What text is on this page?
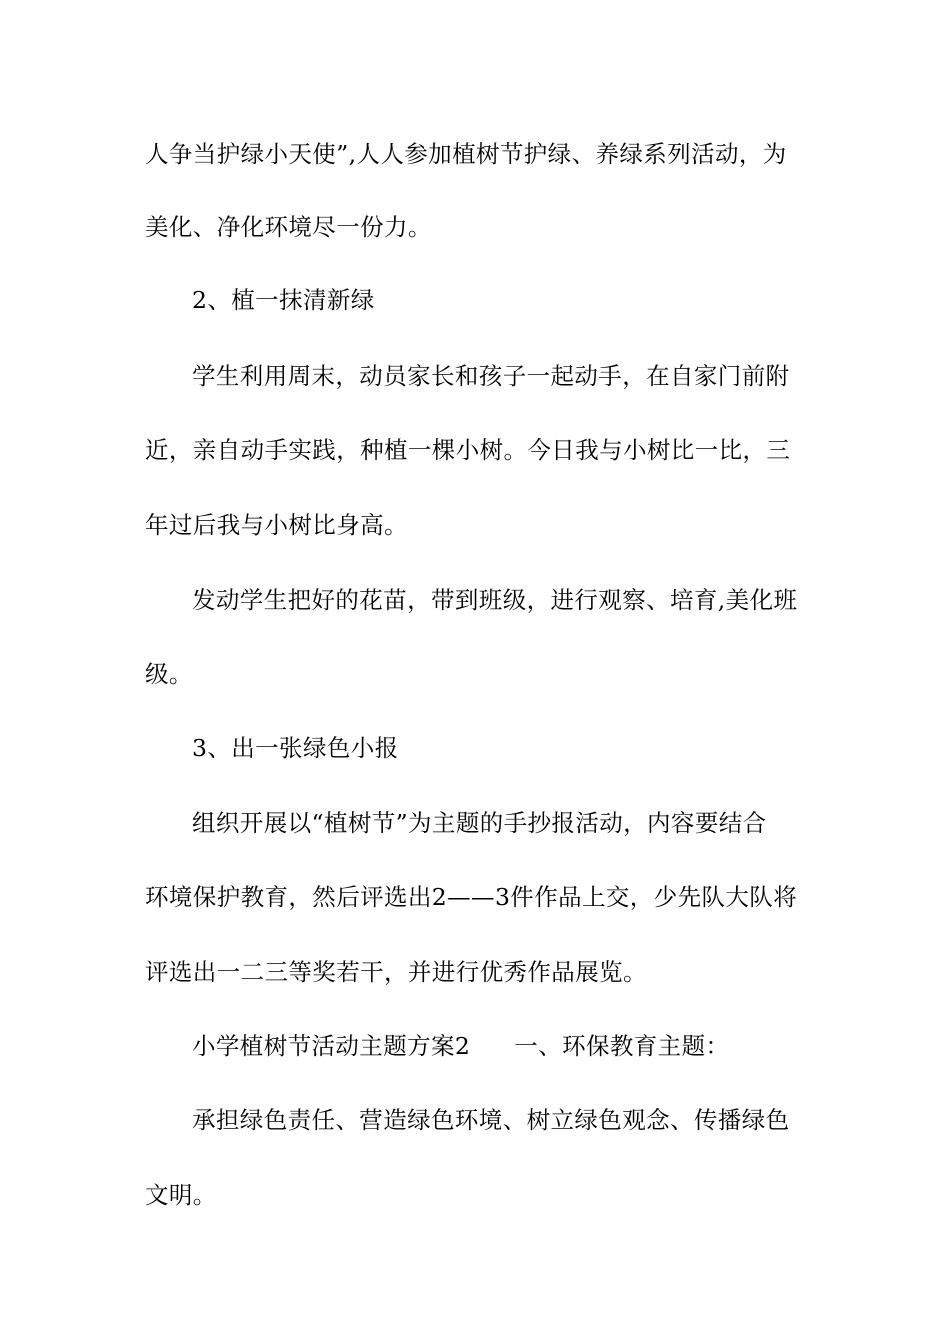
人争当护绿小天使”,人人参加植树节护绿、养绿系列活动，为
美化、净化环境尽一份力。
2、植一抹清新绿
学生利用周末，动员家长和孩子一起动手，在自家门前附
近，亲自动手实践，种植一棵小树。今日我与小树比一比，三
年过后我与小树比身高。
发动学生把好的花苗，带到班级，进行观察、培育,美化班
级。
3、出一张绿色小报
组织开展以“植树节”为主题的手抄报活动，内容要结合
环境保护教育，然后评选出2——3件作品上交，少先队大队将
评选出一二三等奖若干，并进行优秀作品展览。
小学植树节活动主题方案2 一、环保教育主题：
承担绿色责任、营造绿色环境、树立绿色观念、传播绿色
文明。
